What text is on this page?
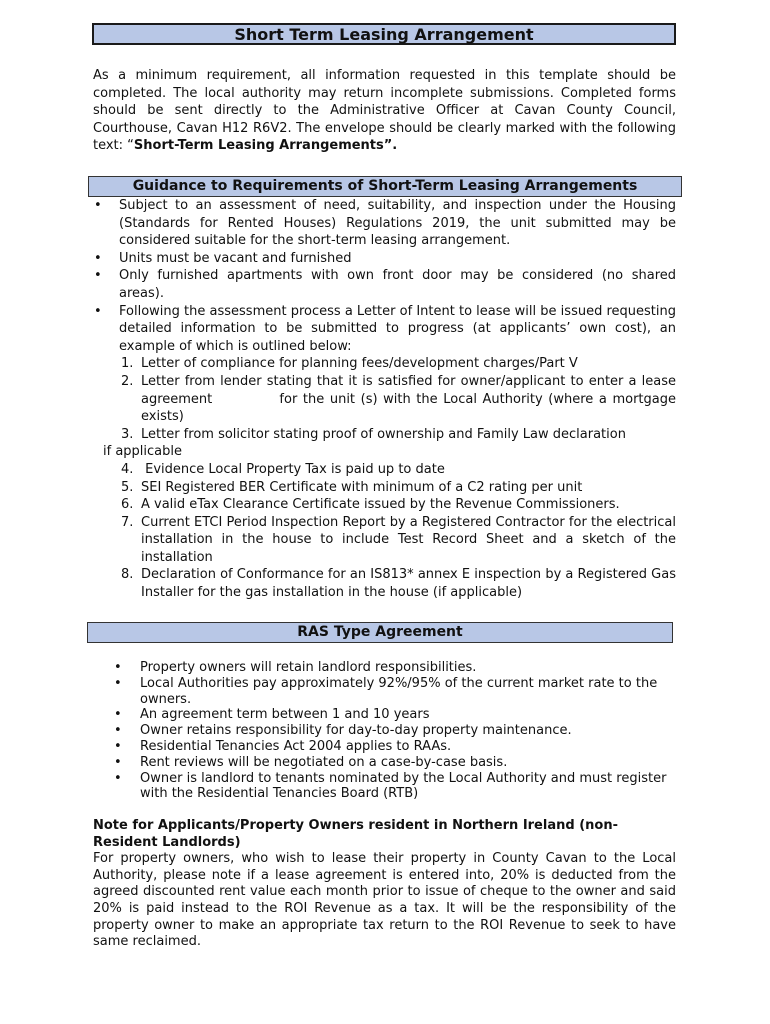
Short Term Leasing Arrangement
As a minimum requirement, all information requested in this template should be completed. The local authority may return incomplete submissions. Completed forms should be sent directly to the Administrative Officer at Cavan County Council, Courthouse, Cavan H12 R6V2. The envelope should be clearly marked with the following text: “Short-Term Leasing Arrangements”.
Guidance to Requirements of Short-Term Leasing Arrangements
• Subject to an assessment of need, suitability, and inspection under the Housing (Standards for Rented Houses) Regulations 2019, the unit submitted may be considered suitable for the short-term leasing arrangement.
• Units must be vacant and furnished
• Only furnished apartments with own front door may be considered (no shared areas).
• Following the assessment process a Letter of Intent to lease will be issued requesting detailed information to be submitted to progress (at applicants’ own cost), an example of which is outlined below:
1. Letter of compliance for planning fees/development charges/Part V
2. Letter from lender stating that it is satisfied for owner/applicant to enter a lease agreement            for the unit (s) with the Local Authority (where a mortgage exists)
3. Letter from solicitor stating proof of ownership and Family Law declaration
if applicable
4. Evidence Local Property Tax is paid up to date
5. SEI Registered BER Certificate with minimum of a C2 rating per unit
6. A valid eTax Clearance Certificate issued by the Revenue Commissioners.
7. Current ETCI Period Inspection Report by a Registered Contractor for the electrical installation in the house to include Test Record Sheet and a sketch of the installation
8. Declaration of Conformance for an IS813* annex E inspection by a Registered Gas Installer for the gas installation in the house (if applicable)
RAS Type Agreement
• Property owners will retain landlord responsibilities.
• Local Authorities pay approximately 92%/95% of the current market rate to the owners.
• An agreement term between 1 and 10 years
• Owner retains responsibility for day-to-day property maintenance.
• Residential Tenancies Act 2004 applies to RAAs.
• Rent reviews will be negotiated on a case-by-case basis.
• Owner is landlord to tenants nominated by the Local Authority and must register with the Residential Tenancies Board (RTB)
Note for Applicants/Property Owners resident in Northern Ireland (non-Resident Landlords)
For property owners, who wish to lease their property in County Cavan to the Local Authority, please note if a lease agreement is entered into, 20% is deducted from the agreed discounted rent value each month prior to issue of cheque to the owner and said 20% is paid instead to the ROI Revenue as a tax. It will be the responsibility of the property owner to make an appropriate tax return to the ROI Revenue to seek to have same reclaimed.
